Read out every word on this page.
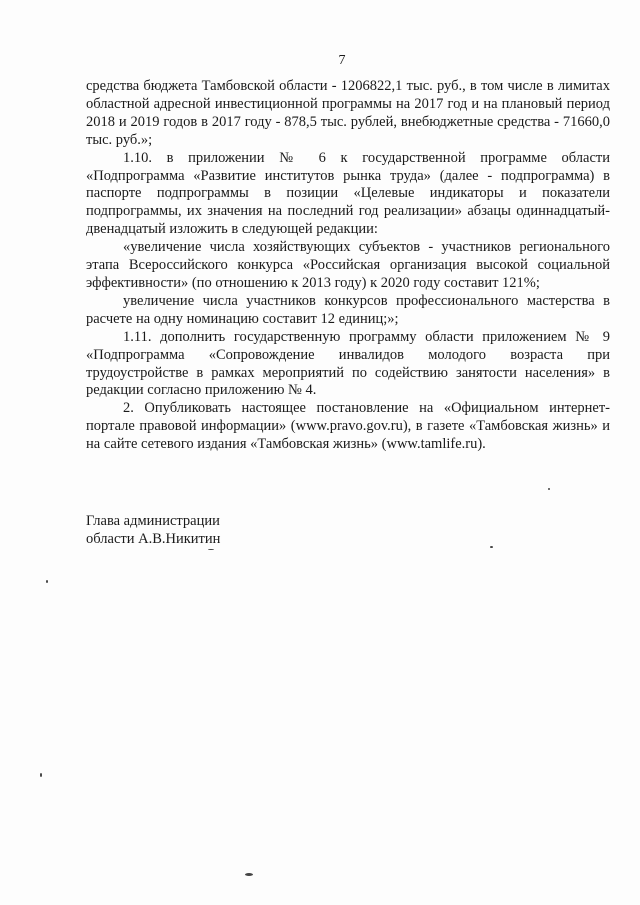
7

средства бюджета Тамбовской области - 1206822,1 тыс. руб., в том числе в лимитах областной адресной инвестиционной программы на 2017 год и на плановый период 2018 и 2019 годов в 2017 году - 878,5 тыс. рублей, внебюджетные средства - 71660,0 тыс. руб.»;

1.10. в приложении № 6 к государственной программе области «Подпрограмма «Развитие институтов рынка труда» (далее - подпрограмма) в паспорте подпрограммы в позиции «Целевые индикаторы и показатели подпрограммы, их значения на последний год реализации» абзацы одиннадцатый-двенадцатый изложить в следующей редакции:

«увеличение числа хозяйствующих субъектов - участников регионального этапа Всероссийского конкурса «Российская организация высокой социальной эффективности» (по отношению к 2013 году) к 2020 году составит 121%;

увеличение числа участников конкурсов профессионального мастерства в расчете на одну номинацию составит 12 единиц;»;

1.11. дополнить государственную программу области приложением № 9 «Подпрограмма «Сопровождение инвалидов молодого возраста при трудоустройстве в рамках мероприятий по содействию занятости населения» в редакции согласно приложению № 4.

2. Опубликовать настоящее постановление на «Официальном интернет-портале правовой информации» (www.pravo.gov.ru), в газете «Тамбовская жизнь» и на сайте сетевого издания «Тамбовская жизнь» (www.tamlife.ru).

Глава администрации
области А.В.Никитин
